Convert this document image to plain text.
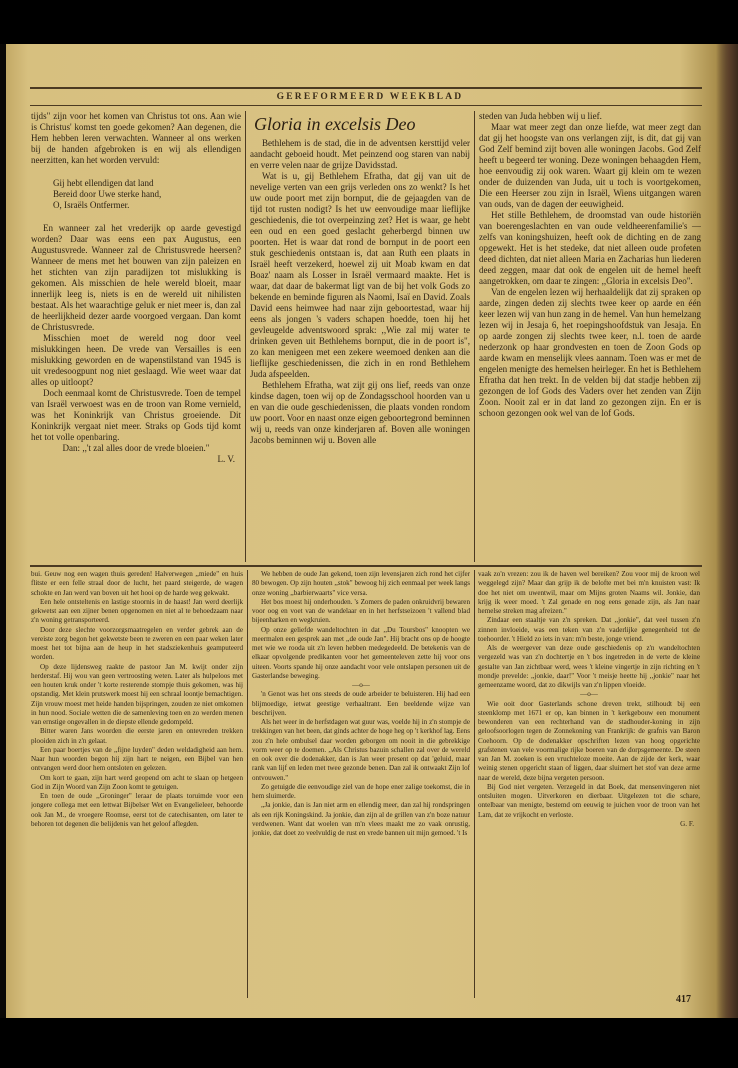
GEREFORMEERD WEEKBLAD
Gloria in excelsis Deo

tijds" zijn voor het komen van Christus tot ons. Aan wie is Christus' komst ten goede gekomen? Aan degenen, die Hem hebben leren verwachten. Wanneer al ons werken bij de handen afgebroken is en wij als ellendigen neerzitten, kan het worden vervuld:

Gij hebt ellendigen dat land
Bereid door Uwe sterke hand,
O, Israëls Ontfermer.

En wanneer zal het vrederijk op aarde gevestigd worden? Daar was eens een pax Augustus, een Augustusvrede. Wanneer zal de Christusvrede heersen? Wanneer de mens met het bouwen van zijn paleizen en het stichten van zijn paradijzen tot mislukking is gekomen. Als misschien de hele wereld bloeit, maar innerlijk leeg is, niets is en de wereld uit nihilisten bestaat. Als het waarachtige geluk er niet meer is, dan zal de heerlijkheid dezer aarde voorgoed vergaan. Dan komt de Christusvrede.

Misschien moet de wereld nog door veel mislukkingen heen. De vrede van Versailles is een mislukking geworden en de wapenstilstand van 1945 is uit vredesoogpunt nog niet geslaagd. Wie weet waar dat alles op uitloopt?

Doch eenmaal komt de Christusvrede. Toen de tempel van Israël verwoest was en de troon van Rome vernield, was het Koninkrijk van Christus groeiende. Dit Koninkrijk vergaat niet meer. Straks op Gods tijd komt het tot volle openbaring.

Dan: ,,'t zal alles door de vrede bloeien."

L. V.

Bethlehem is de stad, die in de adventsen kersttijd veler aandacht geboeid houdt. Met peinzend oog staren van nabij en verre velen naar de grijze Davidsstad.

Wat is u, gij Bethlehem Efratha, dat gij van uit de nevelige verten van een grijs verleden ons zo wenkt? Is het uw oude poort met zijn bornput, die de gejaagden van de tijd tot rusten nodigt? Is het uw eenvoudige maar lieflijke geschiedenis, die tot overpeinzing zet? Het is waar, ge hebt een oud en een goed geslacht geherbergd binnen uw poorten. Het is waar dat rond de bornput in de poort een stuk geschiedenis ontstaan is, dat aan Ruth een plaats in Israël heeft verzekerd, hoewel zij uit Moab kwam en dat Boaz' naam als Losser in Israël vermaard maakte. Het is waar, dat daar de bakermat ligt van de bij het volk Gods zo bekende en beminde figuren als Naomi, Isaï en David. Zoals David eens heimwee had naar zijn geboortestad, waar hij eens als jongen 's vaders schapen hoedde, toen hij het gevleugelde adventswoord sprak: ,,Wie zal mij water te drinken geven uit Bethlehems bornput, die in de poort is", zo kan menigeen met een zekere weemoed denken aan die lieflijke geschiedenissen, die zich in en rond Bethlehem Juda afspeelden.

Bethlehem Efratha, wat zijt gij ons lief, reeds van onze kindse dagen, toen wij op de Zondagsschool hoorden van u en van die oude geschiedenissen, die plaats vonden rondom uw poort. Voor en naast onze eigen geboortegrond beminnen wij u, reeds van onze kinderjaren af. Boven alle woningen Jacobs beminnen wij u. Boven alle

steden van Juda hebben wij u lief.

Maar wat meer zegt dan onze liefde, wat meer zegt dan dat gij het hoogste van ons verlangen zijt, is dit, dat gij van God Zelf bemind zijt boven alle woningen Jacobs. God Zelf heeft u begeerd ter woning. Deze woningen behaagden Hem, hoe eenvoudig zij ook waren. Waart gij klein om te wezen onder de duizenden van Juda, uit u toch is voortgekomen, Die een Heerser zou zijn in Israël, Wiens uitgangen waren van ouds, van de dagen der eeuwigheid.

Het stille Bethlehem, de droomstad van oude historiën van boerengeslachten en van oude veldheerenfamilie's — zelfs van koningshuizen, heeft ook de dichting en de zang opgewekt. Het is het stedeke, dat niet alleen oude profeten deed dichten, dat niet alleen Maria en Zacharias hun liederen deed zeggen, maar dat ook de engelen uit de hemel heeft aangetrokken, om daar te zingen: ,,Gloria in excelsis Deo".

Van de engelen lezen wij herhaaldelijk dat zij spraken op aarde, zingen deden zij slechts twee keer op aarde en één keer lezen wij van hun zang in de hemel. Van hun hemelzang lezen wij in Jesaja 6, het roepingshoofdstuk van Jesaja. En op aarde zongen zij slechts twee keer, n.l. toen de aarde nederzonk op haar grondvesten en toen de Zoon Gods op aarde kwam en menselijk vlees aannam. Toen was er met de engelen menigte des hemelsen heirleger. En het is Bethlehem Efratha dat hen trekt. In de velden bij dat stadje hebben zij gezongen de lof Gods des Vaders over het zenden van Zijn Zoon. Nooit zal er in dat land zo gezongen zijn. En er is schoon gezongen ook wel van de lof Gods.

bui. Geuw nog een wagen thuis gereden! Halverwegen ,,miede" en huis flitste er een felle straal door de lucht, het paard steigerde, de wagen schokte en Jan werd van boven uit het hooi op de harde weg gekwakt.

Een hele ontsteltenis en lastige stoornis in de haast! Jan werd deerlijk gekwetst aan een zijner benen opgenomen en niet al te behoedzaam naar z'n woning getransporteerd.

Door deze slechte voorzorgsmaatregelen en verder gebrek aan de vereiste zorg begon het gekwetste been te zweren en een paar weken later moest het tot bijna aan de heup in het stadsziekenhuis geamputeerd worden.

Op deze lijdensweg raakte de pastoor Jan M. kwijt onder zijn herderstaf. Hij wou van geen vertroosting weten. Later als hulpeloos met een houten kruk onder 't korte resterende stompje thuis gekomen, was hij opstandig. Met klein prutswerk moest hij een schraal loontje bemachtigen. Zijn vrouw moest met heide handen bijspringen, zouden ze niet omkomen in hun nood. Sociale wetten die de samenleving toen en zo werden menen van ernstige ongevallen in de diepste ellende gedompeld.

Bitter waren Jans woorden die eerste jaren en ontevreden trekken plooiden zich in z'n gelaat.

Een paar boertjes van de ,,fijne luyden" deden weldadigheid aan hem. Naar hun woorden begon hij zijn hart te neigen, een Bijbel van hen ontvangen werd door hem ontsloten en gelezen.

Om kort te gaan, zijn hart werd geopend om acht te slaan op hetgeen God in Zijn Woord van Zijn Zoon komt te getuigen.

En toen de oude ,,Groninger" leraar de plaats toruimde voor een jongere collega met een lettwat Bijbelser Wet en Evangelieleer, behoorde ook Jan M., de vroegere Roomse, eerst tot de catechisanten, om later te behoren tot degenen die belijdenis van het geloof aflegden.

We hebben de oude Jan gekend, toen zijn levensjaren zich rond het cijfer 80 bewogen. Op zijn houten ,,stok" bewoog hij zich eenmaal per week langs onze woning ,,barbierwaarts" vice versa.

Het bos moest hij onderhouden. 's Zomers de paden onkruidvrij bewaren voor oog en voet van de wandelaar en in het herfstseizoen 't vallend blad bijeenharken en wegkruien.

Op onze geliefde wandeltochten in dat ,,Du Toursbos" knoopten we meermalen een gesprek aan met ,,de oude Jan". Hij bracht ons op de hoogte met wie we rooda uit z'n leven hebben medegedeeld. De betekenis van de elkaar opvolgende predikanten voor het gemeenteleven zette hij voor ons uiteen. Voorts spande hij onze aandacht voor vele ontslapen personen uit de Gasterlandse beweging.

—o—

'n Genot was het ons steeds de oude arbeider te beluisteren. Hij had een blijmoedige, ietwat geestige verhaaltrant. Een beeldende wijze van beschrijven.

Als het weer in de herfstdagen wat guur was, voelde hij in z'n stompje de trekkingen van het been, dat ginds achter de hoge heg op 't kerkhof lag. Eens zou z'n hele ombulsel daar worden geborgen om nooit in die gebrekkige vorm weer op te doemen. ,,Als Christus bazuin schallen zal over de wereld en ook over die dodenakker, dan is Jan weer present op dat 'geluid, maar rank van lijf en leden met twee gezonde benen. Dan zal ik ontwaakt Zijn lof ontvouwen."

Zo getuigde die eenvoudige ziel van de hope ener zalige toekomst, die in hem sluimerde.

,,Ja jonkie, dan is Jan niet arm en ellendig meer, dan zal hij rondspringen als een rijk Koningskind. Ja jonkie, dan zijn al de grillen van z'n boze natuur verdwenen. Want dat woelen van m'n vlees maakt me zo vaak onrustig, jonkie, dat doet zo veelvuldig de rust en vrede bannen uit mijn gemoed. 't Is

vaak zo'n vrezen: zou ik de haven wel bereiken? Zou voor mij de kroon wel weggelegd zijn? Maar dan grijp ik de belofte met bei m'n knuisten vast: Ik doe het niet om uwentwil, maar om Mijns groten Naams wil. Jonkie, dan krijg ik weer moed. 't Zal genade en nog eens genade zijn, als Jan naar hemelse streken mag afreizen."

Zindaar een staaltje van z'n spreken. Dat ,,jonkie", dat veel tussen z'n zinnen invloeide, was een teken van z'n vaderlijke genegenheid tot de toehoorder. 't Hield zo iets in van: m'n beste, jonge vriend.

Als de weergever van deze oude geschiedenis op z'n wandeltochten vergezeld was van z'n dochtertje en 't bos ingetreden in de verte de kleine gestalte van Jan zichtbaar werd, wees 't kleine vingertje in zijn richting en 't mondje prevelde: ,,jonkie, daar!" Voor 't meisje heette hij ,,jonkie" naar het gemeenzame woord, dat zo dikwijls van z'n lippen vloeide.

—o—

Wie ooit door Gasterlands schone dreven trekt, stilhoudt bij een steenklomp met 1671 er op, kan binnen in 't kerkgebouw een monument bewonderen van een rechterhand van de stadhouder-koning in zijn geloofsoorlogen tegen de Zonnekoning van Frankrijk: de grafnis van Baron Coehoorn. Op de dodenakker opschriften lezen van hoog opgerichte grafstenen van vele voormalige rijke boeren van de dorpsgemeente. De steen van Jan M. zoeken is een vruchteloze moeite. Aan de zijde der kerk, waar weinig stenen opgericht staan of liggen, daar sluimert het stof van deze arme naar de wereld, deze bijna vergeten persoon.

Bij God niet vergeten. Verzegeld in dat Boek, dat mensenvingeren niet ontsluiten mogen. Uitverkoren en dierbaar. Uitgelezen tot die schare, ontelbaar van menigte, bestemd om eeuwig te juichen voor de troon van het Lam, dat ze vrijkocht en verloste.

G. F.

417
